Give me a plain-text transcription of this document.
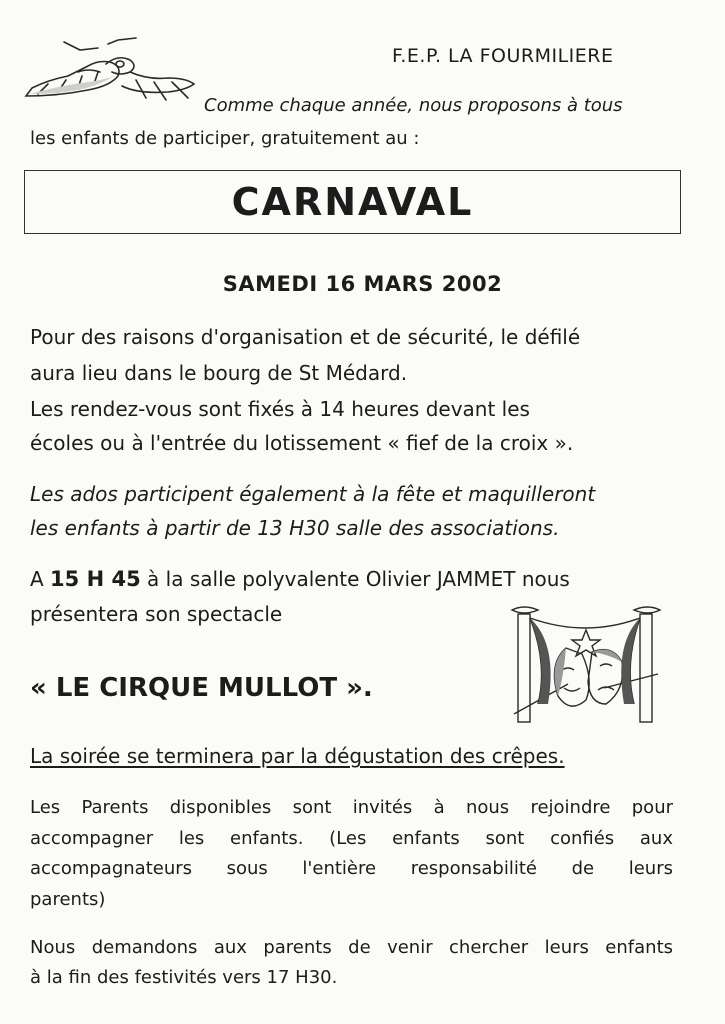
F.E.P. LA FOURMILIERE
Comme chaque année, nous proposons à tous
les enfants de participer, gratuitement au :
CARNAVAL
SAMEDI 16 MARS 2002
Pour des raisons d'organisation et de sécurité, le défilé
aura lieu dans le bourg de St Médard.
Les rendez-vous sont fixés à 14 heures devant les
écoles ou à l'entrée du lotissement « fief de la croix ».
Les ados participent également à la fête et maquilleront
les enfants à partir de 13 H30 salle des associations.
A 15 H 45 à la salle polyvalente Olivier JAMMET nous
présentera son spectacle
« LE CIRQUE MULLOT ».
La soirée se terminera par la dégustation des crêpes.
Les Parents disponibles sont invités à nous rejoindre pour
accompagner les enfants. (Les enfants sont confiés aux
accompagnateurs sous l'entière responsabilité de leurs
parents)
Nous demandons aux parents de venir chercher leurs enfants
à la fin des festivités vers 17 H30.
